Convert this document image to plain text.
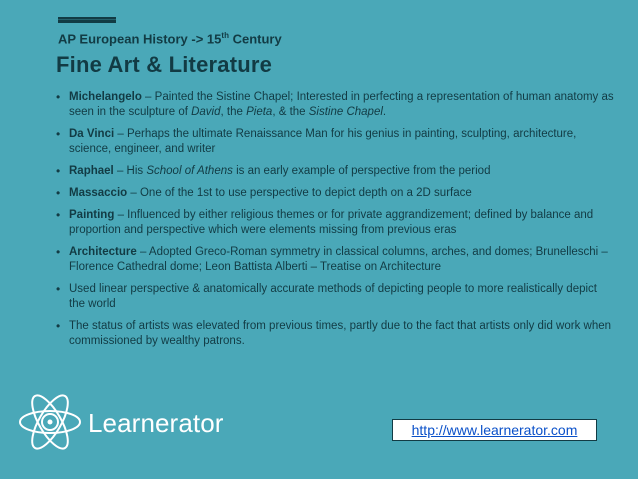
AP European History -> 15th Century
Fine Art & Literature
• Michelangelo – Painted the Sistine Chapel; Interested in perfecting a representation of human anatomy as seen in the sculpture of David, the Pieta, & the Sistine Chapel.
• Da Vinci – Perhaps the ultimate Renaissance Man for his genius in painting, sculpting, architecture, science, engineer, and writer
• Raphael – His School of Athens is an early example of perspective from the period
• Massaccio – One of the 1st to use perspective to depict depth on a 2D surface
• Painting – Influenced by either religious themes or for private aggrandizement; defined by balance and proportion and perspective which were elements missing from previous eras
• Architecture – Adopted Greco-Roman symmetry in classical columns, arches, and domes; Brunelleschi – Florence Cathedral dome; Leon Battista Alberti – Treatise on Architecture
• Used linear perspective & anatomically accurate methods of depicting people to more realistically depict the world
• The status of artists was elevated from previous times, partly due to the fact that artists only did work when commissioned by wealthy patrons.
Learnerator	http://www.learnerator.com
